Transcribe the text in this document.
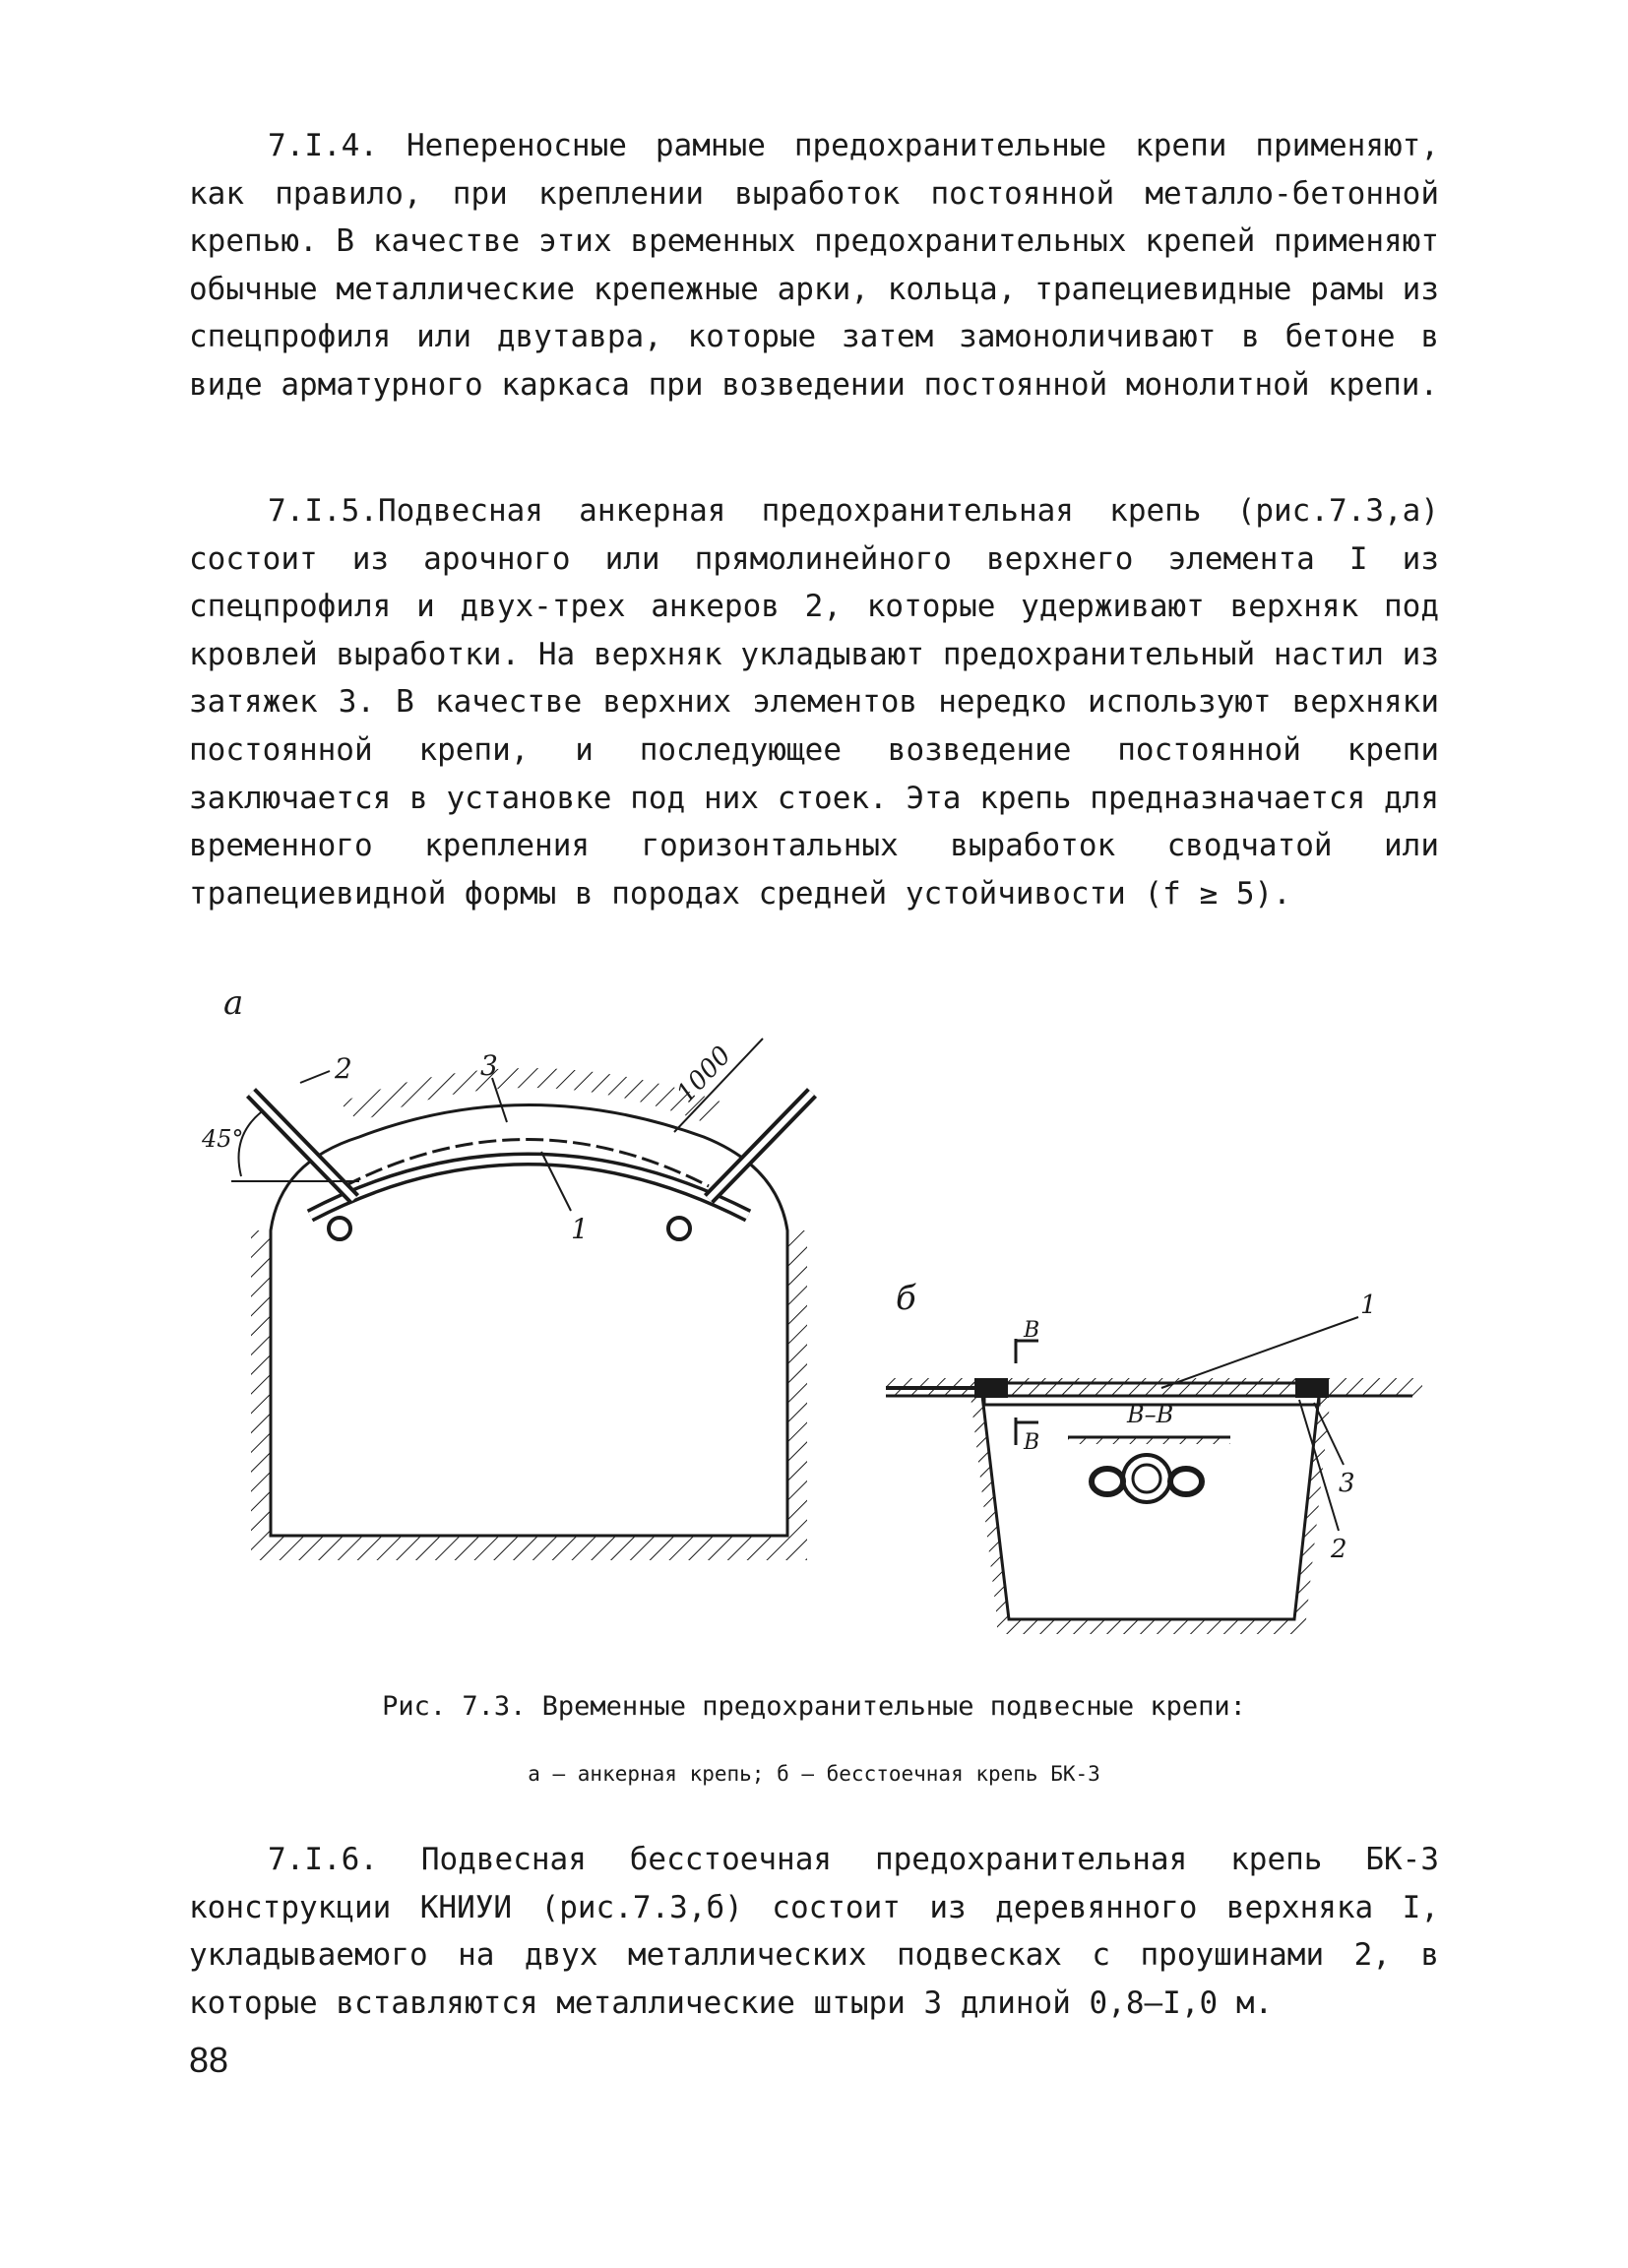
7.I.4. Непереносные рамные предохранительные крепи применяют, как правило, при креплении выработок постоянной металло-бетонной крепью. В качестве этих временных предохранительных крепей применяют обычные металлические крепежные арки, кольца, трапециевидные рамы из спецпрофиля или двутавра, которые затем замоноличивают в бетоне в виде арматурного каркаса при возведении постоянной монолитной крепи.

7.I.5.Подвесная анкерная предохранительная крепь (рис.7.3,а) состоит из арочного или прямолинейного верхнего элемента I из спецпрофиля и двух-трех анкеров 2, которые удерживают верхняк под кровлей выработки. На верхняк укладывают предохранительный настил из затяжек 3. В качестве верхних элементов нередко используют верхняки постоянной крепи, и последующее возведение постоянной крепи заключается в установке под них стоек. Эта крепь предназначается для временного крепления горизонтальных выработок сводчатой или трапециевидной формы в породах средней устойчивости (f ≥ 5).

а
45°
1000
2	3
1
б
В
В
В–В
1
3
2

Рис. 7.3. Временные предохранительные подвесные крепи:

а – анкерная крепь; б – бесстоечная крепь БК-3

7.I.6. Подвесная бесстоечная предохранительная крепь БК-3 конструкции КНИУИ (рис.7.3,б) состоит из деревянного верхняка I, укладываемого на двух металлических подвесках с проушинами 2, в которые вставляются металлические штыри 3 длиной 0,8–I,0 м.

88
